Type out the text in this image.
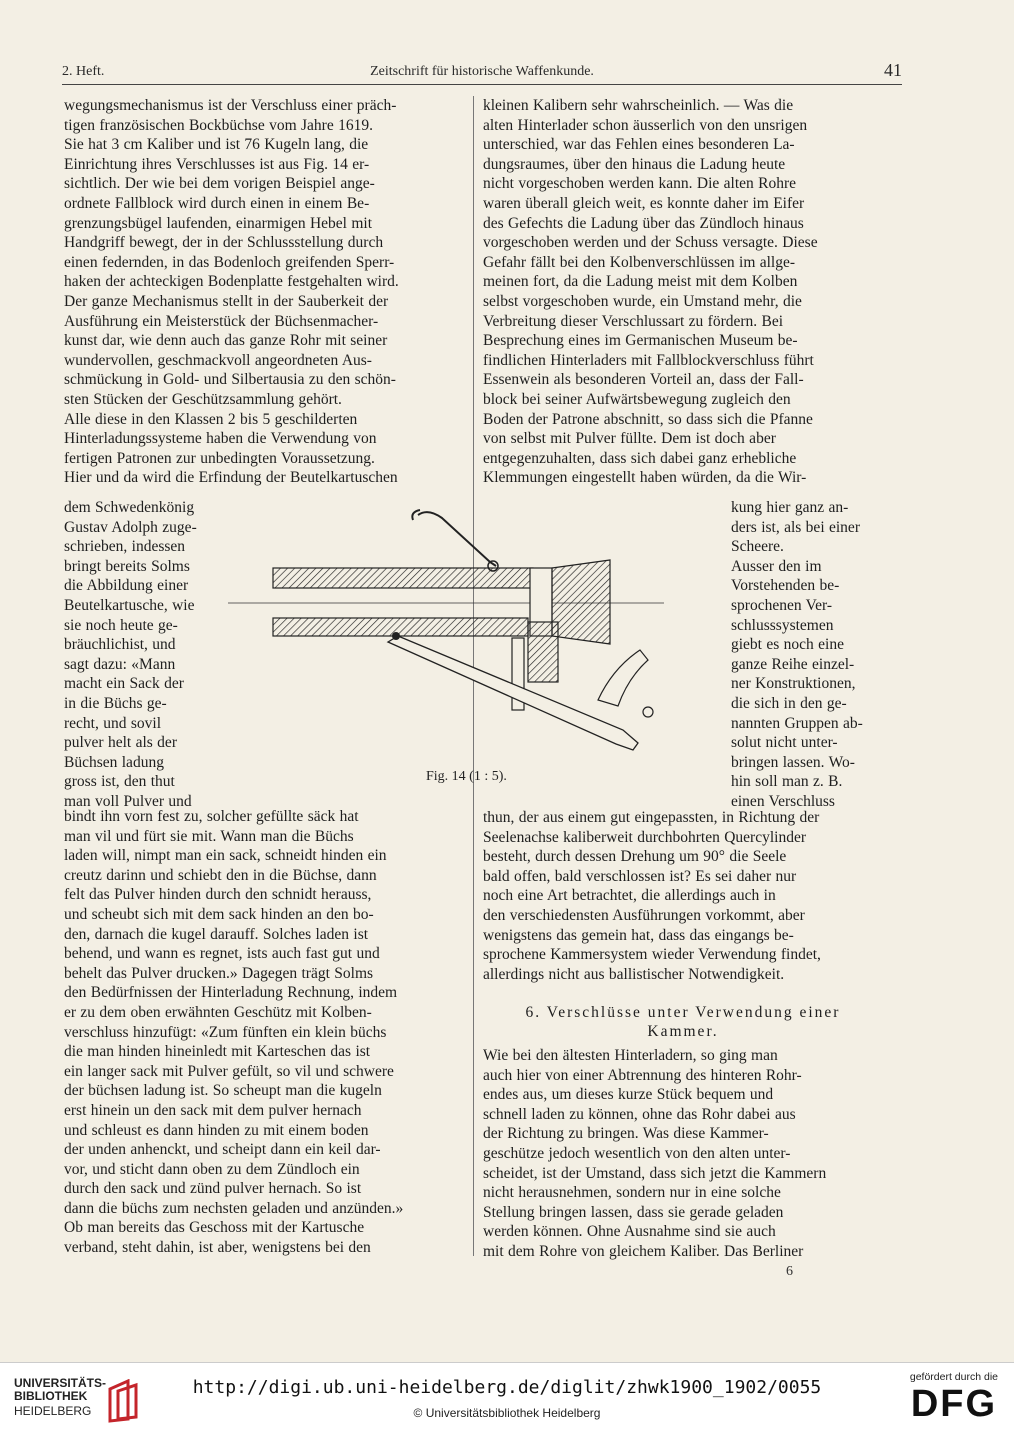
2. Heft.	Zeitschrift für historische Waffenkunde.	41
wegungsmechanismus ist der Verschluss einer präch-
tigen französischen Bockbüchse vom Jahre 1619.
Sie hat 3 cm Kaliber und ist 76 Kugeln lang, die
Einrichtung ihres Verschlusses ist aus Fig. 14 er-
sichtlich. Der wie bei dem vorigen Beispiel ange-
ordnete Fallblock wird durch einen in einem Be-
grenzungsbügel laufenden, einarmigen Hebel mit
Handgriff bewegt, der in der Schlussstellung durch
einen federnden, in das Bodenloch greifenden Sperr-
haken der achteckigen Bodenplatte festgehalten wird.
Der ganze Mechanismus stellt in der Sauberkeit der
Ausführung ein Meisterstück der Büchsenmacher-
kunst dar, wie denn auch das ganze Rohr mit seiner
wundervollen, geschmackvoll angeordneten Aus-
schmückung in Gold- und Silbertausia zu den schön-
sten Stücken der Geschützsammlung gehört.
Alle diese in den Klassen 2 bis 5 geschilderten
Hinterladungssysteme haben die Verwendung von
fertigen Patronen zur unbedingten Voraussetzung.
Hier und da wird die Erfindung der Beutelkartuschen
dem Schwedenkönig
Gustav Adolph zuge-
schrieben, indessen
bringt bereits Solms
die Abbildung einer
Beutelkartusche, wie
sie noch heute ge-
bräuchlichist, und
sagt dazu: «Mann
macht ein Sack der
in die Büchs ge-
recht, und sovil
pulver helt als der
Büchsen ladung
gross ist, den thut
man voll Pulver und
bindt ihn vorn fest zu, solcher gefüllte säck hat
man vil und fürt sie mit. Wann man die Büchs
laden will, nimpt man ein sack, schneidt hinden ein
creutz darinn und schiebt den in die Büchse, dann
felt das Pulver hinden durch den schnidt herauss,
und scheubt sich mit dem sack hinden an den bo-
den, darnach die kugel darauff. Solches laden ist
behend, und wann es regnet, ists auch fast gut und
behelt das Pulver drucken.» Dagegen trägt Solms
den Bedürfnissen der Hinterladung Rechnung, indem
er zu dem oben erwähnten Geschütz mit Kolben-
verschluss hinzufügt: «Zum fünften ein klein büchs
die man hinden hineinledt mit Karteschen das ist
ein langer sack mit Pulver gefült, so vil und schwere
der büchsen ladung ist. So scheupt man die kugeln
erst hinein un den sack mit dem pulver hernach
und schleust es dann hinden zu mit einem boden
der unden anhenckt, und scheipt dann ein keil dar-
vor, und sticht dann oben zu dem Zündloch ein
durch den sack und zünd pulver hernach. So ist
dann die büchs zum nechsten geladen und anzünden.»
Ob man bereits das Geschoss mit der Kartusche
verband, steht dahin, ist aber, wenigstens bei den
kleinen Kalibern sehr wahrscheinlich. — Was die
alten Hinterlader schon äusserlich von den unsrigen
unterschied, war das Fehlen eines besonderen La-
dungsraumes, über den hinaus die Ladung heute
nicht vorgeschoben werden kann. Die alten Rohre
waren überall gleich weit, es konnte daher im Eifer
des Gefechts die Ladung über das Zündloch hinaus
vorgeschoben werden und der Schuss versagte. Diese
Gefahr fällt bei den Kolbenverschlüssen im allge-
meinen fort, da die Ladung meist mit dem Kolben
selbst vorgeschoben wurde, ein Umstand mehr, die
Verbreitung dieser Verschlussart zu fördern. Bei
Besprechung eines im Germanischen Museum be-
findlichen Hinterladers mit Fallblockverschluss führt
Essenwein als besonderen Vorteil an, dass der Fall-
block bei seiner Aufwärtsbewegung zugleich den
Boden der Patrone abschnitt, so dass sich die Pfanne
von selbst mit Pulver füllte. Dem ist doch aber
entgegenzuhalten, dass sich dabei ganz erhebliche
Klemmungen eingestellt haben würden, da die Wir-
kung hier ganz an-
ders ist, als bei einer
Scheere.
Ausser den im
Vorstehenden be-
sprochenen Ver-
schlusssystemen
giebt es noch eine
ganze Reihe einzel-
ner Konstruktionen,
die sich in den ge-
nannten Gruppen ab-
solut nicht unter-
bringen lassen. Wo-
hin soll man z. B.
einen Verschluss
thun, der aus einem gut eingepassten, in Richtung der
Seelenachse kaliberweit durchbohrten Quercylinder
besteht, durch dessen Drehung um 90° die Seele
bald offen, bald verschlossen ist? Es sei daher nur
noch eine Art betrachtet, die allerdings auch in
den verschiedensten Ausführungen vorkommt, aber
wenigstens das gemein hat, dass das eingangs be-
sprochene Kammersystem wieder Verwendung findet,
allerdings nicht aus ballistischer Notwendigkeit.
6. Verschlüsse unter Verwendung einer
Kammer.
Wie bei den ältesten Hinterladern, so ging man
auch hier von einer Abtrennung des hinteren Rohr-
endes aus, um dieses kurze Stück bequem und
schnell laden zu können, ohne das Rohr dabei aus
der Richtung zu bringen. Was diese Kammer-
geschütze jedoch wesentlich von den alten unter-
scheidet, ist der Umstand, dass sich jetzt die Kammern
nicht herausnehmen, sondern nur in eine solche
Stellung bringen lassen, dass sie gerade geladen
werden können. Ohne Ausnahme sind sie auch
mit dem Rohre von gleichem Kaliber. Das Berliner
6
Fig. 14 (1 : 5).
UNIVERSITÄTS-
BIBLIOTHEK
HEIDELBERG
http://digi.ub.uni-heidelberg.de/diglit/zhwk1900_1902/0055
© Universitätsbibliothek Heidelberg
gefördert durch die
DFG
